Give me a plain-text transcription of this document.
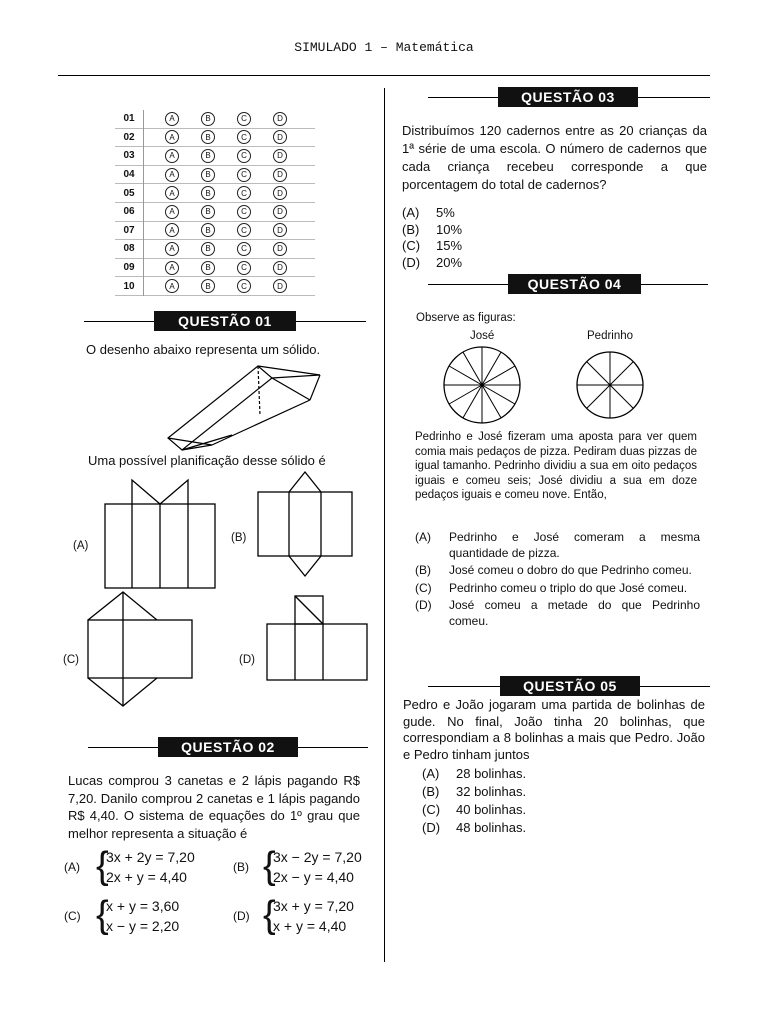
SIMULADO 1 – Matemática
01	A	B	C	D
02	A	B	C	D
03	A	B	C	D
04	A	B	C	D
05	A	B	C	D
06	A	B	C	D
07	A	B	C	D
08	A	B	C	D
09	A	B	C	D
10	A	B	C	D
QUESTÃO 01
O desenho abaixo representa um sólido.
Uma possível planificação desse sólido é
(A)
(B)
(C)	(D)
QUESTÃO 02
Lucas comprou 3 canetas e 2 lápis pagando R$ 7,20. Danilo comprou 2 canetas e 1 lápis pagando R$ 4,40. O sistema de equações do 1º grau que melhor representa a situação é
(A) {
3x + 2y = 7,20
2x + y = 4,40
(B) {
3x − 2y = 7,20
2x − y = 4,40
(C) {
x + y = 3,60
x − y = 2,20
(D) {
3x + y = 7,20
x + y = 4,40
QUESTÃO 03
Distribuímos 120 cadernos entre as 20 crianças da 1ª série de uma escola. O número de cadernos que cada criança recebeu corresponde a que porcentagem do total de cadernos?
(A)	5%
(B)	10%
(C)	15%
(D)	20%
QUESTÃO 04
Observe as figuras:
José	Pedrinho
Pedrinho e José fizeram uma aposta para ver quem comia mais pedaços de pizza. Pediram duas pizzas de igual tamanho. Pedrinho dividiu a sua em oito pedaços iguais e comeu seis; José dividiu a sua em doze pedaços iguais e comeu nove. Então,
(A)	Pedrinho e José comeram a mesma quantidade de pizza.
(B)	José comeu o dobro do que Pedrinho comeu.
(C)	Pedrinho comeu o triplo do que José comeu.
(D)	José comeu a metade do que Pedrinho comeu.
QUESTÃO 05
Pedro e João jogaram uma partida de bolinhas de gude. No final, João tinha 20 bolinhas, que correspondiam a 8 bolinhas a mais que Pedro. João e Pedro tinham juntos
(A)	28 bolinhas.
(B)	32 bolinhas.
(C)	40 bolinhas.
(D)	48 bolinhas.
